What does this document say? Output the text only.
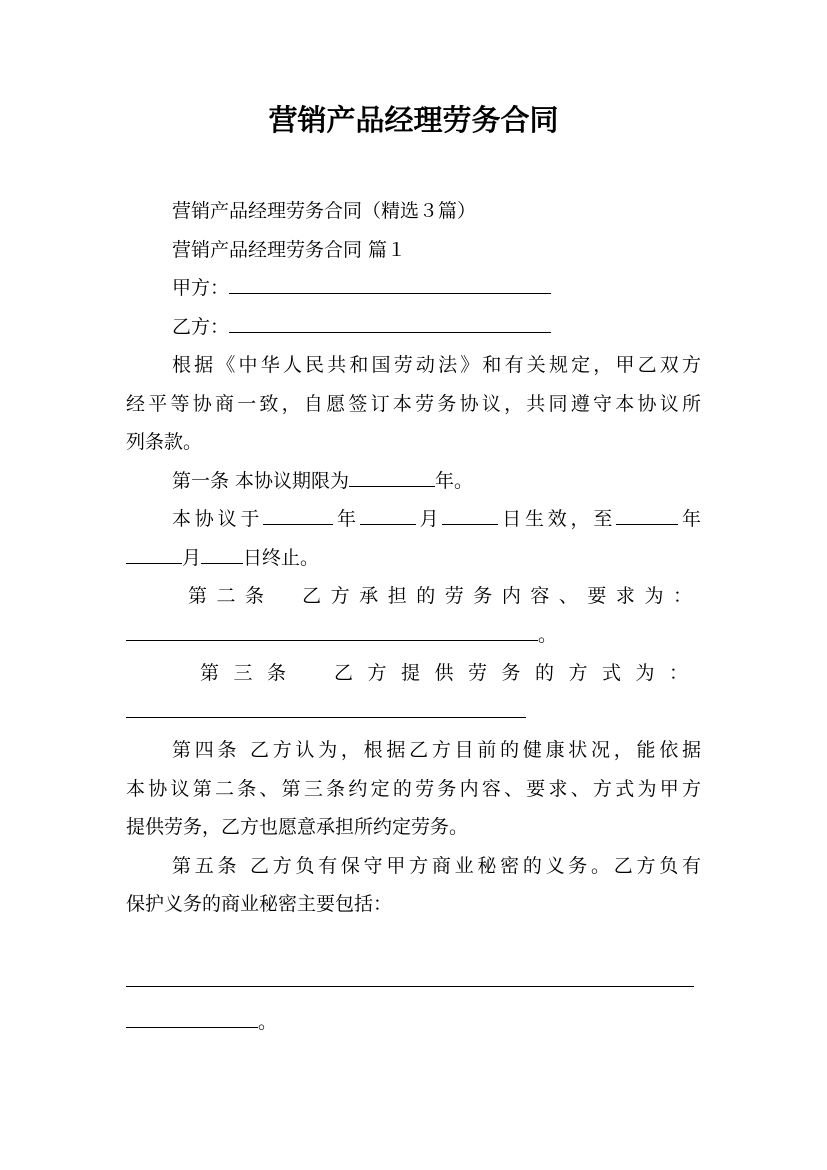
营销产品经理劳务合同

营销产品经理劳务合同（精选３篇）

营销产品经理劳务合同 篇１

甲方：

乙方：

根据《中华人民共和国劳动法》和有关规定，甲乙双方

经平等协商一致，自愿签订本劳务协议，共同遵守本协议所

列条款。

第一条 本协议期限为	年。

本协议于	年	月	日生效，至	年

月 日终止。

第二条　乙方承担的劳务内容、要求为：

。

第三条　乙方提供劳务的方式为：

第四条 乙方认为，根据乙方目前的健康状况，能依据

本协议第二条、第三条约定的劳务内容、要求、方式为甲方

提供劳务，乙方也愿意承担所约定劳务。

第五条 乙方负有保守甲方商业秘密的义务。乙方负有

保护义务的商业秘密主要包括：

。
